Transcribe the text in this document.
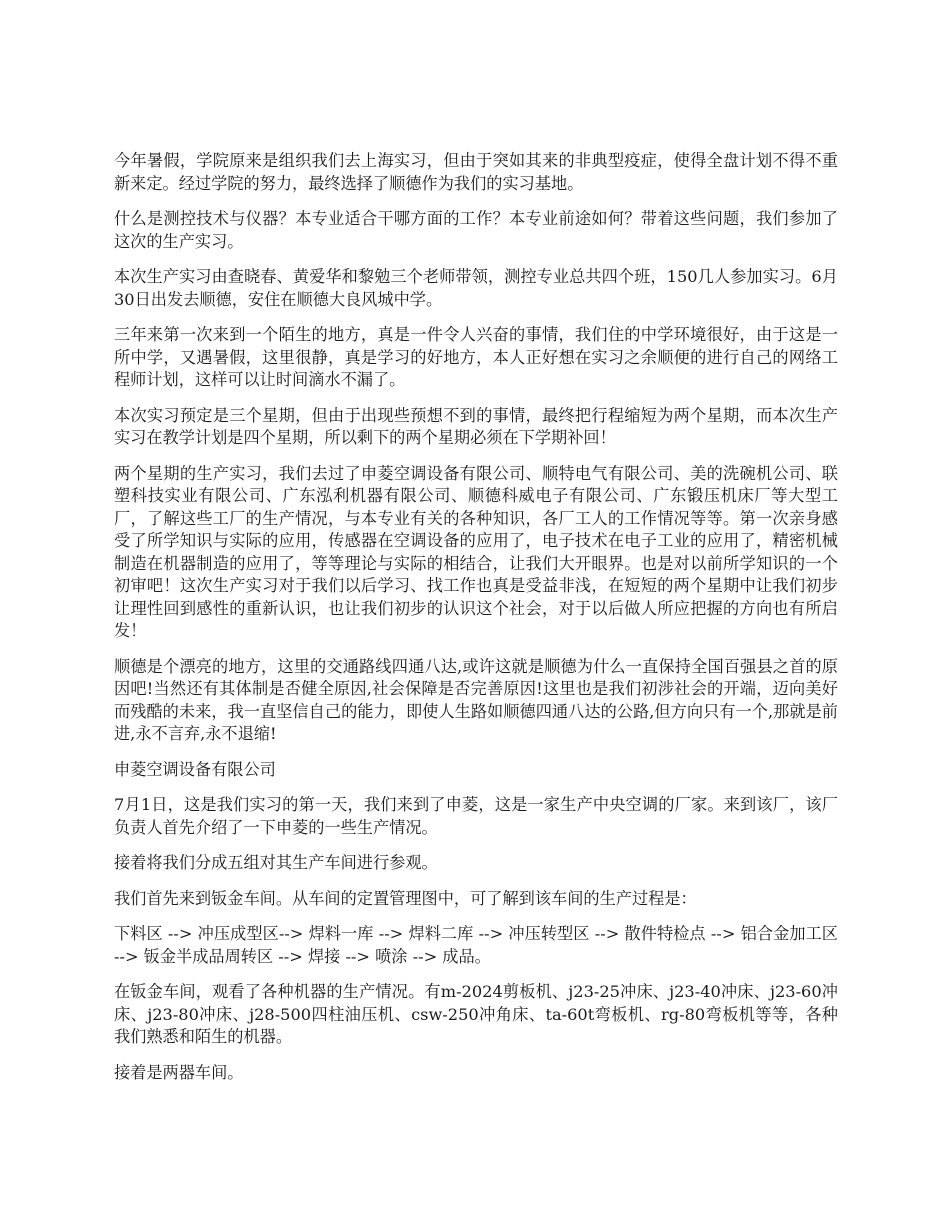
今年暑假，学院原来是组织我们去上海实习，但由于突如其来的非典型疫症，使得全盘计划不得不重新来定。经过学院的努力，最终选择了顺德作为我们的实习基地。

什么是测控技术与仪器？本专业适合干哪方面的工作？本专业前途如何？带着这些问题，我们参加了这次的生产实习。

本次生产实习由查晓春、黄爱华和黎勉三个老师带领，测控专业总共四个班，150几人参加实习。6月30日出发去顺德，安住在顺德大良风城中学。

三年来第一次来到一个陌生的地方，真是一件令人兴奋的事情，我们住的中学环境很好，由于这是一所中学，又遇暑假，这里很静，真是学习的好地方，本人正好想在实习之余顺便的进行自己的网络工程师计划，这样可以让时间滴水不漏了。

本次实习预定是三个星期，但由于出现些预想不到的事情，最终把行程缩短为两个星期，而本次生产实习在教学计划是四个星期，所以剩下的两个星期必须在下学期补回！

两个星期的生产实习，我们去过了申菱空调设备有限公司、顺特电气有限公司、美的洗碗机公司、联塑科技实业有限公司、广东泓利机器有限公司、顺德科威电子有限公司、广东锻压机床厂等大型工厂，了解这些工厂的生产情况，与本专业有关的各种知识，各厂工人的工作情况等等。第一次亲身感受了所学知识与实际的应用，传感器在空调设备的应用了，电子技术在电子工业的应用了，精密机械制造在机器制造的应用了，等等理论与实际的相结合，让我们大开眼界。也是对以前所学知识的一个初审吧！这次生产实习对于我们以后学习、找工作也真是受益非浅，在短短的两个星期中让我们初步让理性回到感性的重新认识，也让我们初步的认识这个社会，对于以后做人所应把握的方向也有所启发！

顺德是个漂亮的地方，这里的交通路线四通八达,或许这就是顺德为什么一直保持全国百强县之首的原因吧!当然还有其体制是否健全原因,社会保障是否完善原因!这里也是我们初涉社会的开端，迈向美好而残酷的未来，我一直坚信自己的能力，即使人生路如顺德四通八达的公路,但方向只有一个,那就是前进,永不言弃,永不退缩!

申菱空调设备有限公司

7月1日，这是我们实习的第一天，我们来到了申菱，这是一家生产中央空调的厂家。来到该厂，该厂负责人首先介绍了一下申菱的一些生产情况。

接着将我们分成五组对其生产车间进行参观。

我们首先来到钣金车间。从车间的定置管理图中，可了解到该车间的生产过程是：

下料区 --> 冲压成型区--> 焊料一库 --> 焊料二库 --> 冲压转型区 --> 散件特检点 --> 铝合金加工区 --> 钣金半成品周转区 --> 焊接 --> 喷涂 --> 成品。

在钣金车间，观看了各种机器的生产情况。有m-2024剪板机、j23-25冲床、j23-40冲床、j23-60冲床、j23-80冲床、j28-500四柱油压机、csw-250冲角床、ta-60t弯板机、rg-80弯板机等等，各种我们熟悉和陌生的机器。

接着是两器车间。
